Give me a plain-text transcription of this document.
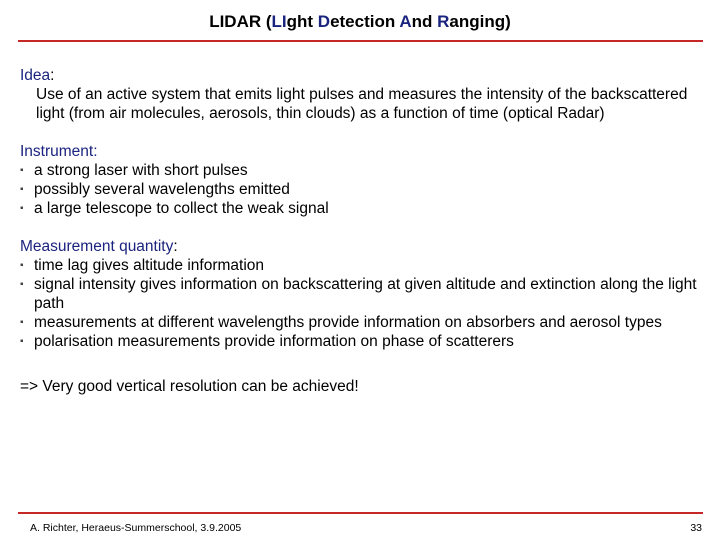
LIDAR (LIght Detection And Ranging)
Idea:
Use of an active system that emits light pulses and measures the intensity of the backscattered light (from air molecules, aerosols, thin clouds) as a function of time (optical Radar)
Instrument:
▪ a strong laser with short pulses
▪ possibly several wavelengths emitted
▪ a large telescope to collect the weak signal
Measurement quantity:
▪ time lag gives altitude information
▪ signal intensity gives information on backscattering at given altitude and extinction along the light path
▪ measurements at different wavelengths provide information on absorbers and aerosol types
▪ polarisation measurements provide information on phase of scatterers
=> Very good vertical resolution can be achieved!
A. Richter, Heraeus-Summerschool, 3.9.2005	33
